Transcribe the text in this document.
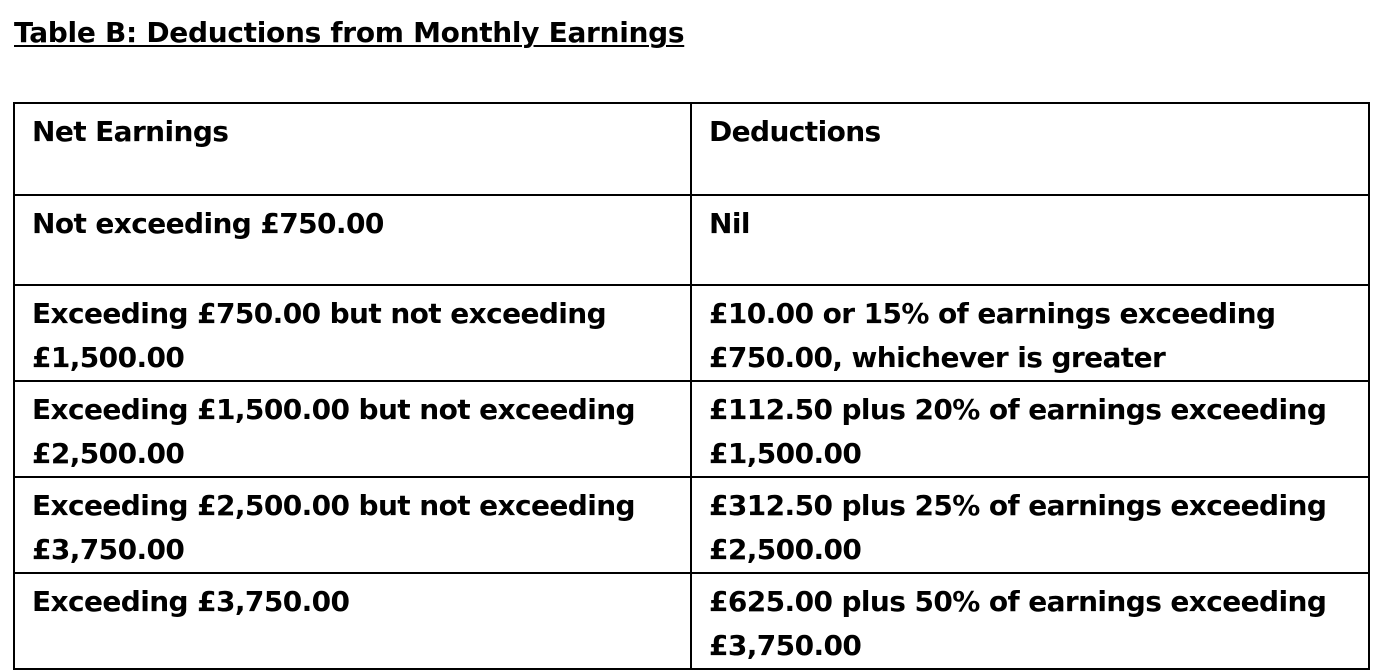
Table B: Deductions from Monthly Earnings
Net Earnings	Deductions
Not exceeding £750.00	Nil
Exceeding £750.00 but not exceeding £1,500.00	£10.00 or 15% of earnings exceeding £750.00, whichever is greater
Exceeding £1,500.00 but not exceeding £2,500.00	£112.50 plus 20% of earnings exceeding £1,500.00
Exceeding £2,500.00 but not exceeding £3,750.00	£312.50 plus 25% of earnings exceeding £2,500.00
Exceeding £3,750.00	£625.00 plus 50% of earnings exceeding £3,750.00
